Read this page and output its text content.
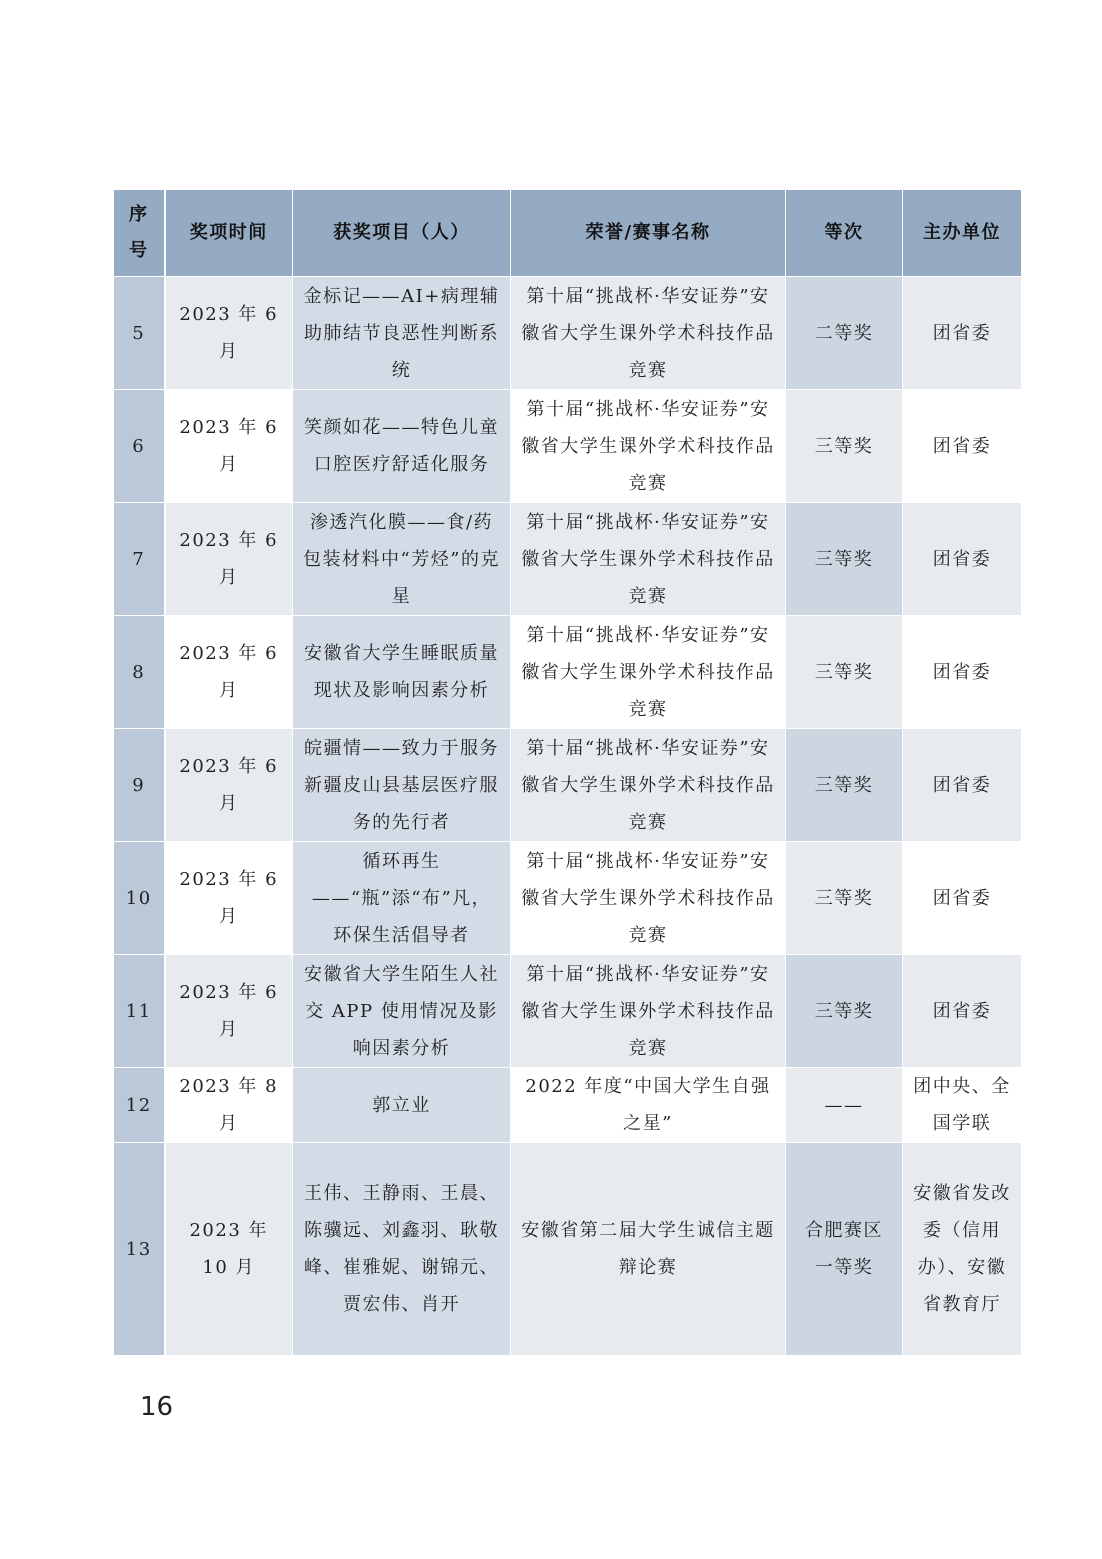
序号	奖项时间	获奖项目（人）	荣誉/赛事名称	等次	主办单位
5	2023 年 6 月	金标记——AI+病理辅助肺结节良恶性判断系统	第十届“挑战杯·华安证券”安徽省大学生课外学术科技作品竞赛	二等奖	团省委
6	2023 年 6 月	笑颜如花——特色儿童口腔医疗舒适化服务	第十届“挑战杯·华安证券”安徽省大学生课外学术科技作品竞赛	三等奖	团省委
7	2023 年 6 月	渗透汽化膜——食/药包装材料中“芳烃”的克星	第十届“挑战杯·华安证券”安徽省大学生课外学术科技作品竞赛	三等奖	团省委
8	2023 年 6 月	安徽省大学生睡眠质量现状及影响因素分析	第十届“挑战杯·华安证券”安徽省大学生课外学术科技作品竞赛	三等奖	团省委
9	2023 年 6 月	皖疆情——致力于服务新疆皮山县基层医疗服务的先行者	第十届“挑战杯·华安证券”安徽省大学生课外学术科技作品竞赛	三等奖	团省委
10	2023 年 6 月	循环再生——“瓶”添“布”凡，环保生活倡导者	第十届“挑战杯·华安证券”安徽省大学生课外学术科技作品竞赛	三等奖	团省委
11	2023 年 6 月	安徽省大学生陌生人社交 APP 使用情况及影响因素分析	第十届“挑战杯·华安证券”安徽省大学生课外学术科技作品竞赛	三等奖	团省委
12	2023 年 8 月	郭立业	2022 年度“中国大学生自强之星”	——	团中央、全国学联
13	2023 年 10 月	王伟、王静雨、王晨、陈骥远、刘鑫羽、耿敬峰、崔雅妮、谢锦元、贾宏伟、肖开	安徽省第二届大学生诚信主题辩论赛	合肥赛区一等奖	安徽省发改委（信用办）、安徽省教育厅
16
